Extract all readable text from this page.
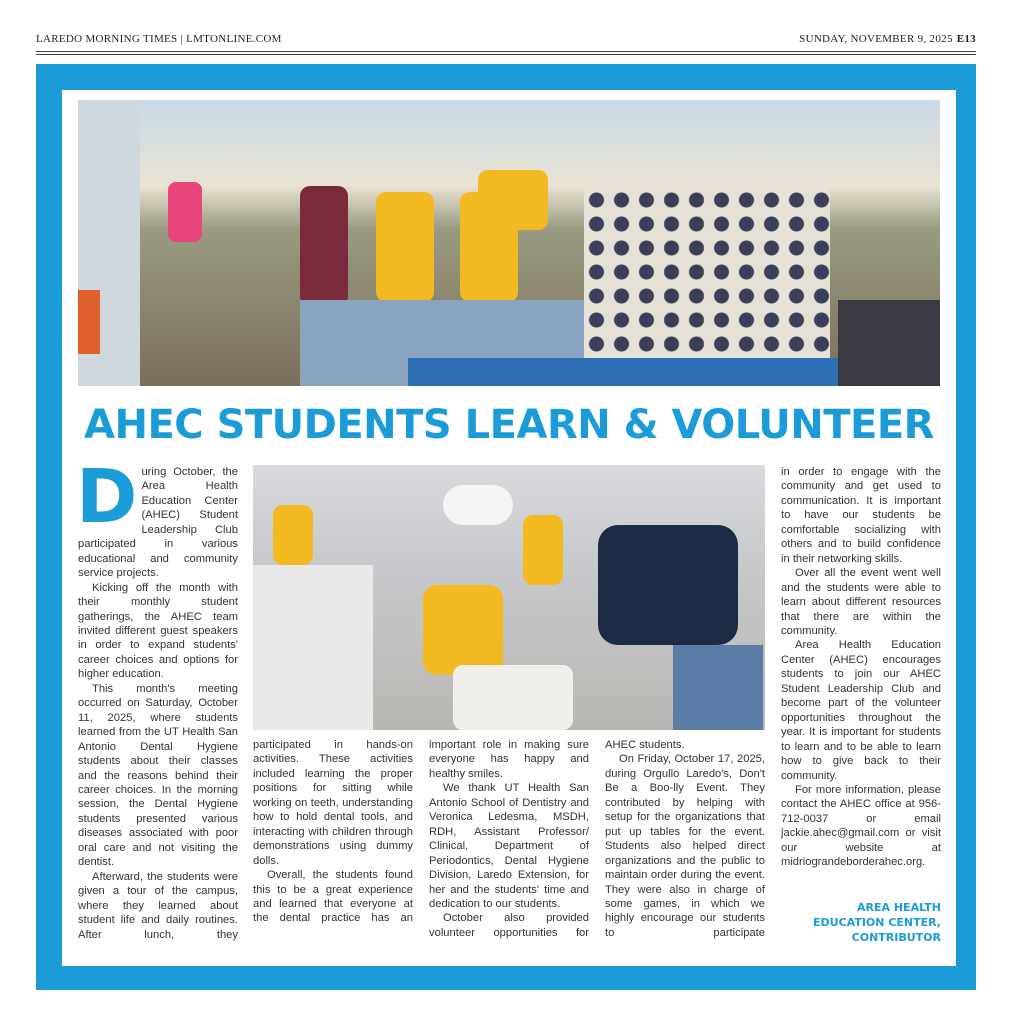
LAREDO MORNING TIMES | LMTONLINE.COM	SUNDAY, NOVEMBER 9, 2025 E13
AHEC STUDENTS LEARN & VOLUNTEER

During October, the Area Health Education Center (AHEC) Student Leadership Club participated in various educational and community service projects.

Kicking off the month with their monthly student gatherings, the AHEC team invited different guest speakers in order to expand students' career choices and options for higher education.

This month's meeting occurred on Saturday, October 11, 2025, where students learned from the UT Health San Antonio Dental Hygiene students about their classes and the reasons behind their career choices. In the morning session, the Dental Hygiene students presented various diseases associated with poor oral care and not visiting the dentist.

Afterward, the students were given a tour of the campus, where they learned about student life and daily routines. After lunch, they

participated in hands-on activities. These activities included learning the proper positions for sitting while working on teeth, understanding how to hold dental tools, and interacting with children through demonstrations using dummy dolls.

Overall, the students found this to be a great experience and learned that everyone at the dental practice has an

important role in making sure everyone has happy and healthy smiles.

We thank UT Health San Antonio School of Dentistry and Veronica Ledesma, MSDH, RDH, Assistant Professor/ Clinical, Department of Periodontics, Dental Hygiene Division, Laredo Extension, for her and the students' time and dedication to our students.

October also provided volunteer opportunities for

AHEC students.

On Friday, October 17, 2025, during Orgullo Laredo's, Don't Be a Boo-lly Event. They contributed by helping with setup for the organizations that put up tables for the event. Students also helped direct organizations and the public to maintain order during the event. They were also in charge of some games, in which we highly encourage our students to participate

in order to engage with the community and get used to communication. It is important to have our students be comfortable socializing with others and to build confidence in their networking skills.

Over all the event went well and the students were able to learn about different resources that there are within the community.

Area Health Education Center (AHEC) encourages students to join our AHEC Student Leadership Club and become part of the volunteer opportunities throughout the year. It is important for students to learn and to be able to learn how to give back to their community.

For more information, please contact the AHEC office at 956-712-0037 or email jackie.ahec@gmail.com or visit our website at midriograndeborderahec.org.

AREA HEALTH
EDUCATION CENTER,
CONTRIBUTOR
